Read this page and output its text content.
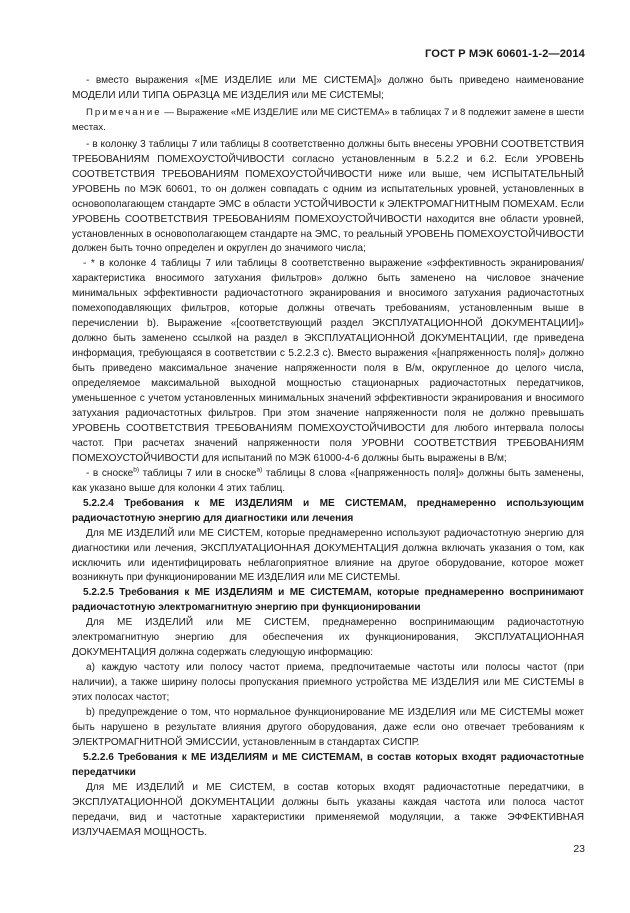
ГОСТ Р МЭК 60601-1-2—2014

- вместо выражения «[МЕ ИЗДЕЛИЕ или МЕ СИСТЕМА]» должно быть приведено наименование МОДЕЛИ ИЛИ ТИПА ОБРАЗЦА МЕ ИЗДЕЛИЯ или МЕ СИСТЕМЫ;

Примечание — Выражение «МЕ ИЗДЕЛИЕ или МЕ СИСТЕМА» в таблицах 7 и 8 подлежит замене в шести местах.

- в колонку 3 таблицы 7 или таблицы 8 соответственно должны быть внесены УРОВНИ СООТВЕТСТВИЯ ТРЕБОВАНИЯМ ПОМЕХОУСТОЙЧИВОСТИ согласно установленным в 5.2.2 и 6.2. Если УРОВЕНЬ СООТВЕТСТВИЯ ТРЕБОВАНИЯМ ПОМЕХОУСТОЙЧИВОСТИ ниже или выше, чем ИСПЫТАТЕЛЬНЫЙ УРОВЕНЬ по МЭК 60601, то он должен совпадать с одним из испытательных уровней, установленных в основополагающем стандарте ЭМС в области УСТОЙЧИВОСТИ к ЭЛЕКТРОМАГНИТНЫМ ПОМЕХАМ. Если УРОВЕНЬ СООТВЕТСТВИЯ ТРЕБОВАНИЯМ ПОМЕХОУСТОЙЧИВОСТИ находится вне области уровней, установленных в основополагающем стандарте на ЭМС, то реальный УРОВЕНЬ ПОМЕХОУСТОЙЧИВОСТИ должен быть точно определен и округлен до значимого числа;

- * в колонке 4 таблицы 7 или таблицы 8 соответственно выражение «эффективность экранирования/характеристика вносимого затухания фильтров» должно быть заменено на числовое значение минимальных эффективности радиочастотного экранирования и вносимого затухания радиочастотных помехоподавляющих фильтров, которые должны отвечать требованиям, установленным выше в перечислении b). Выражение «[соответствующий раздел ЭКСПЛУАТАЦИОННОЙ ДОКУМЕНТАЦИИ]» должно быть заменено ссылкой на раздел в ЭКСПЛУАТАЦИОННОЙ ДОКУМЕНТАЦИИ, где приведена информация, требующаяся в соответствии с 5.2.2.3 с). Вместо выражения «[напряженность поля]» должно быть приведено максимальное значение напряженности поля в В/м, округленное до целого числа, определяемое максимальной выходной мощностью стационарных радиочастотных передатчиков, уменьшенное с учетом установленных минимальных значений эффективности экранирования и вносимого затухания радиочастотных фильтров. При этом значение напряженности поля не должно превышать УРОВЕНЬ СООТВЕТСТВИЯ ТРЕБОВАНИЯМ ПОМЕХОУСТОЙЧИВОСТИ для любого интервала полосы частот. При расчетах значений напряженности поля УРОВНИ СООТВЕТСТВИЯ ТРЕБОВАНИЯМ ПОМЕХОУСТОЙЧИВОСТИ для испытаний по МЭК 61000-4-6 должны быть выражены в В/м;

- в сноске$^{b)}$ таблицы 7 или в сноске$^{a)}$ таблицы 8 слова «[напряженность поля]» должны быть заменены, как указано выше для колонки 4 этих таблиц.

5.2.2.4 Требования к МЕ ИЗДЕЛИЯМ и МЕ СИСТЕМАМ, преднамеренно использующим радиочастотную энергию для диагностики или лечения

Для МЕ ИЗДЕЛИЙ или МЕ СИСТЕМ, которые преднамеренно используют радиочастотную энергию для диагностики или лечения, ЭКСПЛУАТАЦИОННАЯ ДОКУМЕНТАЦИЯ должна включать указания о том, как исключить или идентифицировать неблагоприятное влияние на другое оборудование, которое может возникнуть при функционировании МЕ ИЗДЕЛИЯ или МЕ СИСТЕМЫ.

5.2.2.5 Требования к МЕ ИЗДЕЛИЯМ и МЕ СИСТЕМАМ, которые преднамеренно воспринимают радиочастотную электромагнитную энергию при функционировании

Для МЕ ИЗДЕЛИЙ или МЕ СИСТЕМ, преднамеренно воспринимающим радиочастотную электромагнитную энергию для обеспечения их функционирования, ЭКСПЛУАТАЦИОННАЯ ДОКУМЕНТАЦИЯ должна содержать следующую информацию:

а) каждую частоту или полосу частот приема, предпочитаемые частоты или полосы частот (при наличии), а также ширину полосы пропускания приемного устройства МЕ ИЗДЕЛИЯ или МЕ СИСТЕМЫ в этих полосах частот;

b) предупреждение о том, что нормальное функционирование МЕ ИЗДЕЛИЯ или МЕ СИСТЕМЫ может быть нарушено в результате влияния другого оборудования, даже если оно отвечает требованиям к ЭЛЕКТРОМАГНИТНОЙ ЭМИССИИ, установленным в стандартах СИСПР.

5.2.2.6 Требования к МЕ ИЗДЕЛИЯМ и МЕ СИСТЕМАМ, в состав которых входят радиочастотные передатчики

Для МЕ ИЗДЕЛИЙ и МЕ СИСТЕМ, в состав которых входят радиочастотные передатчики, в ЭКСПЛУАТАЦИОННОЙ ДОКУМЕНТАЦИИ должны быть указаны каждая частота или полоса частот передачи, вид и частотные характеристики применяемой модуляции, а также ЭФФЕКТИВНАЯ ИЗЛУЧАЕМАЯ МОЩНОСТЬ.

23
